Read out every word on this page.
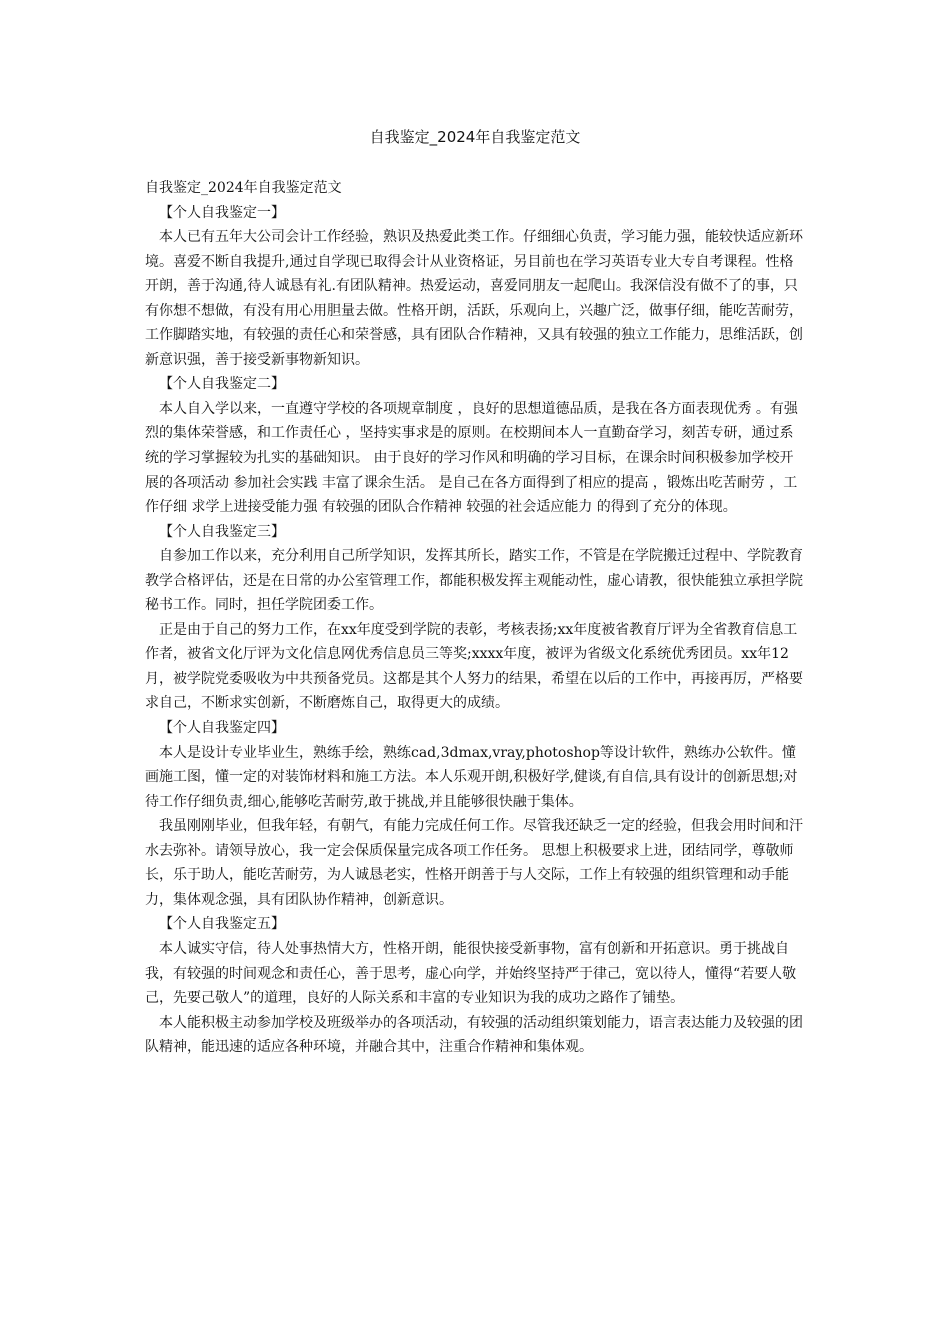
自我鉴定_2024年自我鉴定范文

自我鉴定_2024年自我鉴定范文

【个人自我鉴定一】

本人已有五年大公司会计工作经验，熟识及热爱此类工作。仔细细心负责，学习能力强，能较快适应新环境。喜爱不断自我提升,通过自学现已取得会计从业资格证，另目前也在学习英语专业大专自考课程。性格开朗，善于沟通,待人诚恳有礼.有团队精神。热爱运动，喜爱同朋友一起爬山。我深信没有做不了的事，只有你想不想做，有没有用心用胆量去做。性格开朗，活跃，乐观向上，兴趣广泛，做事仔细，能吃苦耐劳，工作脚踏实地，有较强的责任心和荣誉感，具有团队合作精神，又具有较强的独立工作能力，思维活跃，创新意识强，善于接受新事物新知识。

【个人自我鉴定二】

本人自入学以来，一直遵守学校的各项规章制度 ，良好的思想道德品质，是我在各方面表现优秀 。有强烈的集体荣誉感，和工作责任心 ，坚持实事求是的原则。在校期间本人一直勤奋学习，刻苦专研，通过系统的学习掌握较为扎实的基础知识。 由于良好的学习作风和明确的学习目标，在课余时间积极参加学校开展的各项活动 参加社会实践 丰富了课余生活。 是自己在各方面得到了相应的提高 ，锻炼出吃苦耐劳 ，工作仔细 求学上进接受能力强 有较强的团队合作精神 较强的社会适应能力 的得到了充分的体现。

【个人自我鉴定三】

自参加工作以来，充分利用自己所学知识，发挥其所长，踏实工作，不管是在学院搬迁过程中、学院教育教学合格评估，还是在日常的办公室管理工作，都能积极发挥主观能动性，虚心请教，很快能独立承担学院秘书工作。同时，担任学院团委工作。

正是由于自己的努力工作，在xx年度受到学院的表彰，考核表扬;xx年度被省教育厅评为全省教育信息工作者，被省文化厅评为文化信息网优秀信息员三等奖;xxxx年度，被评为省级文化系统优秀团员。xx年12月，被学院党委吸收为中共预备党员。这都是其个人努力的结果，希望在以后的工作中，再接再厉，严格要求自己，不断求实创新，不断磨炼自己，取得更大的成绩。

【个人自我鉴定四】

本人是设计专业毕业生，熟练手绘，熟练cad,3dmax,vray,photoshop等设计软件，熟练办公软件。懂画施工图，懂一定的对装饰材料和施工方法。本人乐观开朗,积极好学,健谈,有自信,具有设计的创新思想;对待工作仔细负责,细心,能够吃苦耐劳,敢于挑战,并且能够很快融于集体。

我虽刚刚毕业，但我年轻，有朝气，有能力完成任何工作。尽管我还缺乏一定的经验，但我会用时间和汗水去弥补。请领导放心，我一定会保质保量完成各项工作任务。 思想上积极要求上进，团结同学，尊敬师长，乐于助人，能吃苦耐劳，为人诚恳老实，性格开朗善于与人交际，工作上有较强的组织管理和动手能力，集体观念强，具有团队协作精神，创新意识。

【个人自我鉴定五】

本人诚实守信，待人处事热情大方，性格开朗，能很快接受新事物，富有创新和开拓意识。勇于挑战自我，有较强的时间观念和责任心，善于思考，虚心向学，并始终坚持严于律己，宽以待人，懂得“若要人敬己，先要己敬人”的道理，良好的人际关系和丰富的专业知识为我的成功之路作了铺垫。

本人能积极主动参加学校及班级举办的各项活动，有较强的活动组织策划能力，语言表达能力及较强的团队精神，能迅速的适应各种环境，并融合其中，注重合作精神和集体观。
